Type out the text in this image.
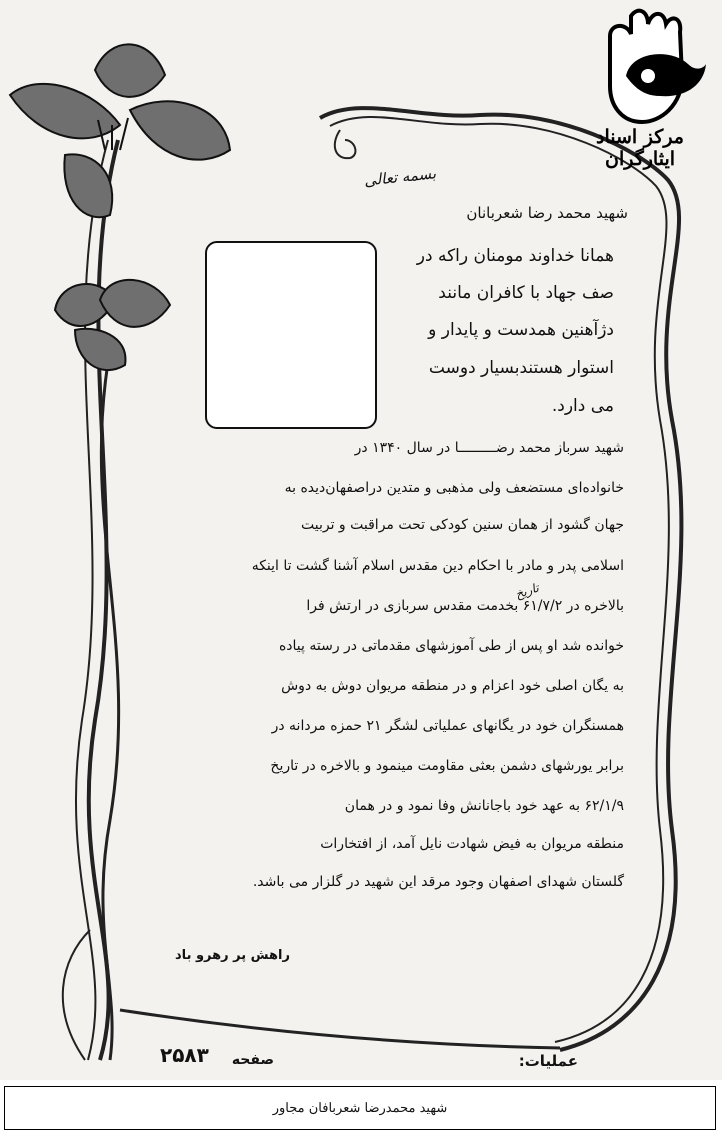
مرکز اسناد ایثارگران
بسمه تعالی
شهید محمد رضا شعربانان
همانا خداوند مومنان راکه در
صف جهاد با کافران مانند
دژآهنین همدست و پایدار و
استوار هستندبسیار دوست
می دارد.
شهید سرباز محمد رضـــــــــا در سال ۱۳۴۰ در
خانواده‌ای مستضعف ولی مذهبی و متدین دراصفهان‌دیده به
جهان گشود از همان سنین کودکی تحت مراقبت و تربیت
اسلامی پدر و مادر با احکام دین مقدس اسلام آشنا گشت تا اینکه
بالاخره در ۶۱/۷/۲ بخدمت مقدس سربازی در ارتش فرا
خوانده شد او پس از طی آموزشهای مقدماتی در رسته پیاده
به یگان اصلی خود اعزام و در منطقه مریوان دوش به دوش
همسنگران خود در یگانهای عملیاتی لشگر ۲۱ حمزه مردانه در
برابر یورشهای دشمن بعثی مقاومت مینمود و بالاخره در تاریخ
۶۲/۱/۹ به عهد خود باجانانش وفا نمود و در همان
منطقه مریوان به فیض شهادت نایل آمد، از افتخارات
گلستان شهدای اصفهان وجود مرقد این شهید در گلزار می باشد.
تاریخ
راهش پر رهرو باد
عملیات:
صفحه
۲۵۸۳
شهید محمدرضا شعربافان مجاور
